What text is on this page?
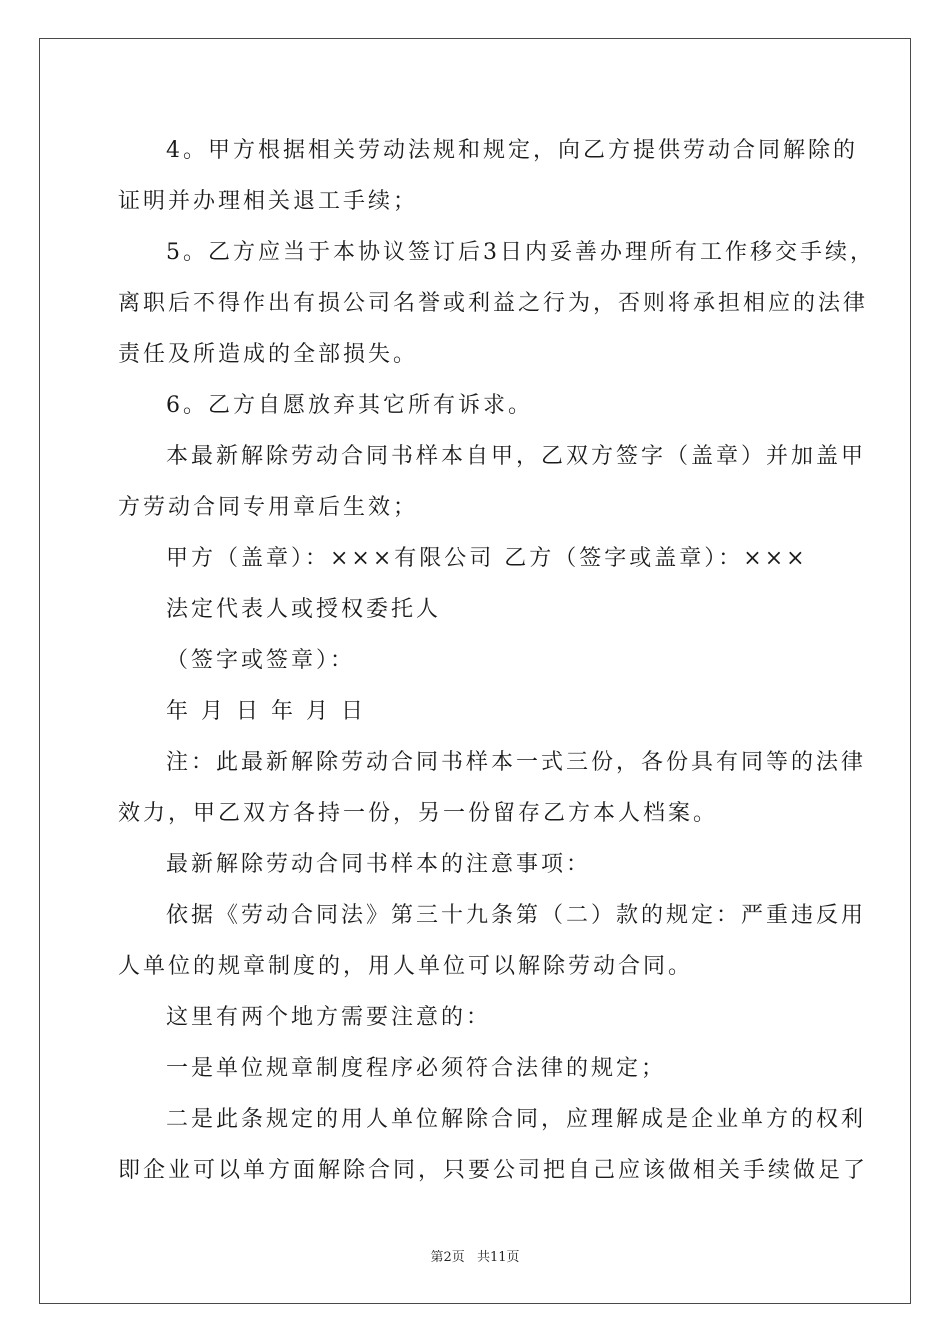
4。甲方根据相关劳动法规和规定，向乙方提供劳动合同解除的
证明并办理相关退工手续；
5。乙方应当于本协议签订后3日内妥善办理所有工作移交手续，
离职后不得作出有损公司名誉或利益之行为，否则将承担相应的法律
责任及所造成的全部损失。
6。乙方自愿放弃其它所有诉求。
本最新解除劳动合同书样本自甲，乙双方签字（盖章）并加盖甲
方劳动合同专用章后生效；
甲方（盖章）：×××有限公司 乙方（签字或盖章）：×××
法定代表人或授权委托人
（签字或签章）：
年 月 日 年 月 日
注：此最新解除劳动合同书样本一式三份，各份具有同等的法律
效力，甲乙双方各持一份，另一份留存乙方本人档案。
最新解除劳动合同书样本的注意事项：
依据《劳动合同法》第三十九条第（二）款的规定：严重违反用
人单位的规章制度的，用人单位可以解除劳动合同。
这里有两个地方需要注意的：
一是单位规章制度程序必须符合法律的规定；
二是此条规定的用人单位解除合同，应理解成是企业单方的权利
即企业可以单方面解除合同，只要公司把自己应该做相关手续做足了
第2页 共11页
